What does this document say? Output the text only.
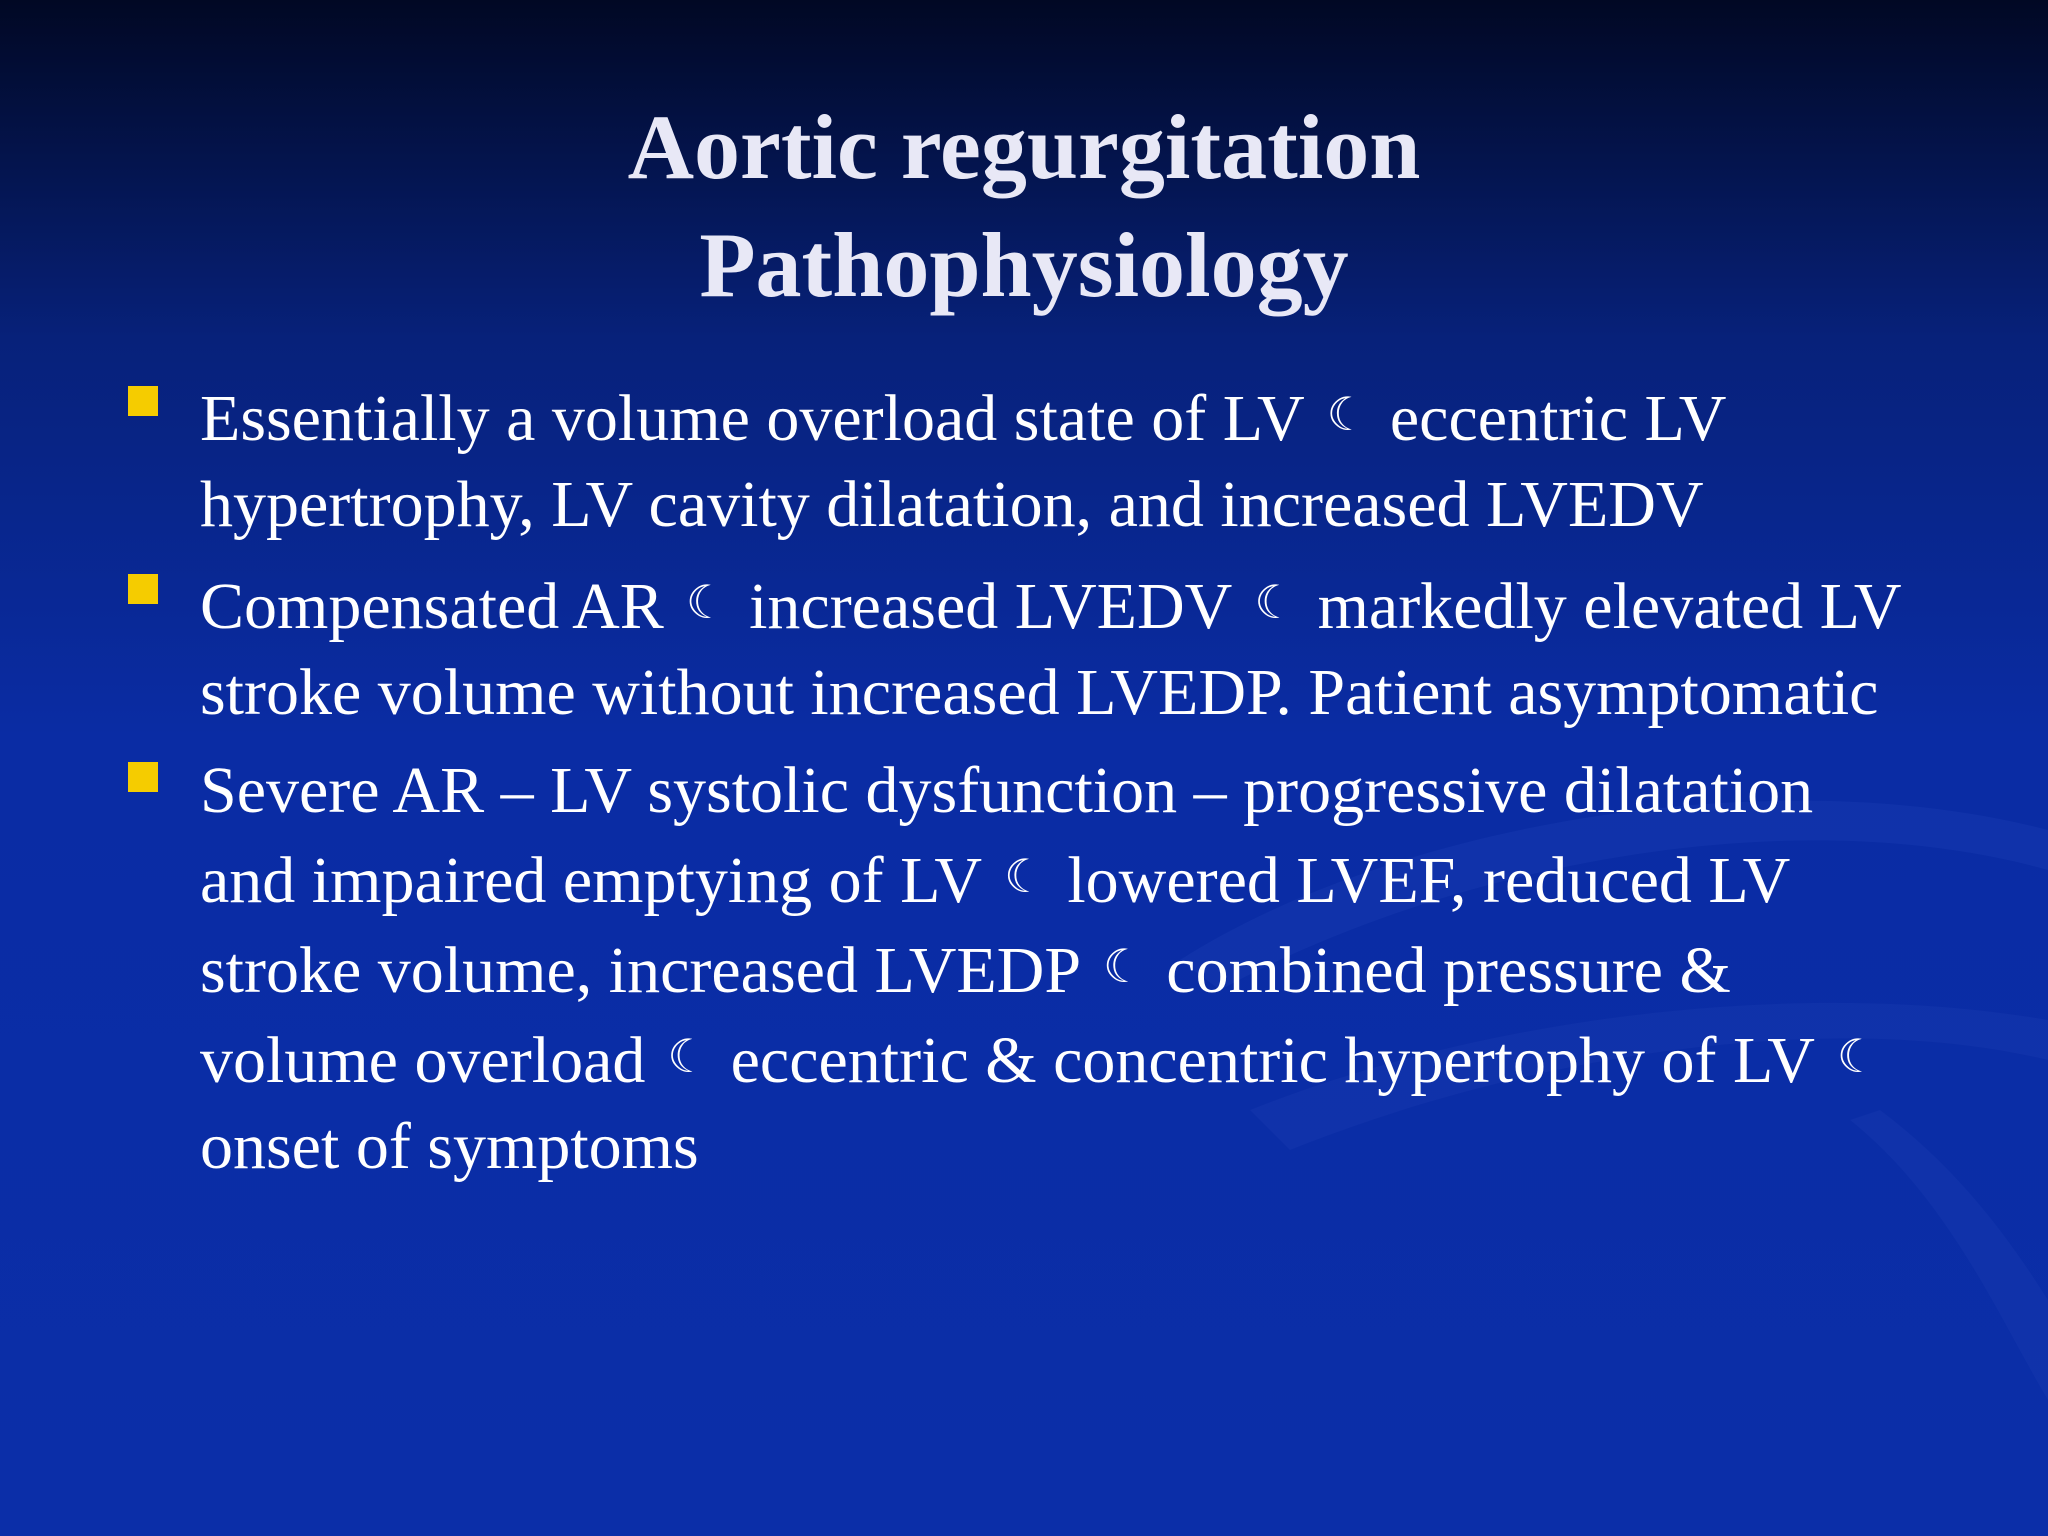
Aortic regurgitation
Pathophysiology
Essentially a volume overload state of LV ☾ eccentric LV hypertrophy, LV cavity dilatation, and increased LVEDV
Compensated AR ☾ increased LVEDV ☾ markedly elevated LV stroke volume without increased LVEDP. Patient asymptomatic
Severe AR – LV systolic dysfunction – progressive dilatation and impaired emptying of LV ☾ lowered LVEF, reduced LV stroke volume, increased LVEDP ☾ combined pressure & volume overload ☾ eccentric & concentric hypertophy of LV ☾onset of symptoms
